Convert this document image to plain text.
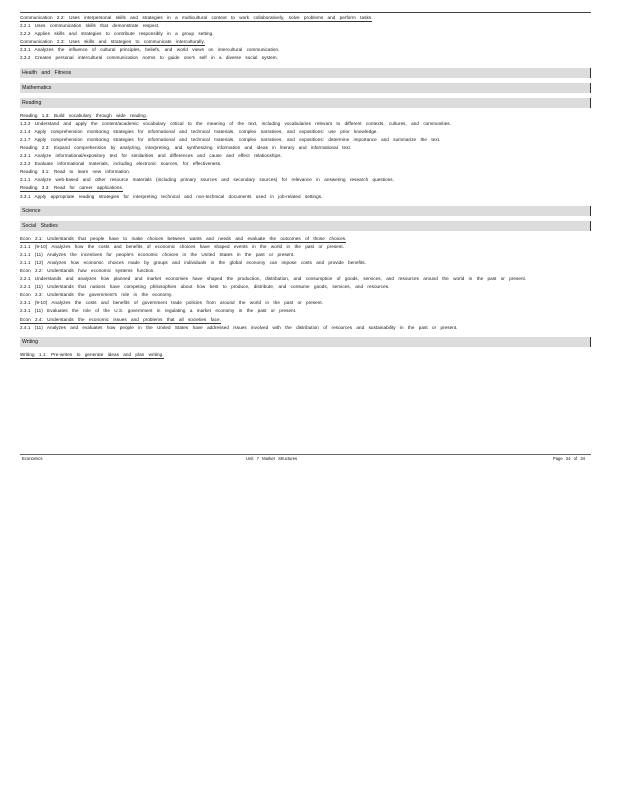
Communication 2.2: Uses interpersonal skills and strategies in a multicultural context to work collaboratively, solve problems and perform tasks.
2.2.1 Uses communication skills that demonstrate respect.
2.2.2 Applies skills and strategies to contribute responsibly in a group setting.
Communication 2.3: Uses skills and strategies to communicate interculturally.
2.3.1 Analyzes the influence of cultural principles, beliefs, and world views on intercultural communication.
2.3.2 Creates personal intercultural communication norms to guide one's self in a diverse social system.
Health and Fitness
Mathematics
Reading
Reading 1.3: Build vocabulary through wide reading.
1.3.2 Understand and apply the content/academic vocabulary critical to the meaning of the text, including vocabularies relevant to different contexts, cultures, and communities.
2.1.4 Apply comprehension monitoring strategies for informational and technical materials, complex narratives, and expositions: use prior knowledge.
2.1.7 Apply comprehension monitoring strategies for informational and technical materials, complex narratives, and expositions: determine importance and summarize the text.
Reading 2.3: Expand comprehension by analyzing, interpreting, and synthesizing information and ideas in literary and informational text.
2.3.1 Analyze informational/expository text for similarities and differences and cause and effect relationships.
2.3.2 Evaluate informational materials, including electronic sources, for effectiveness.
Reading 3.1: Read to learn new information.
3.1.1 Analyze web-based and other resource materials (including primary sources and secondary sources) for relevance in answering research questions.
Reading 3.3: Read for career applications.
3.3.1 Apply appropriate reading strategies for interpreting technical and non-technical documents used in job-related settings.
Science
Social Studies
Econ 2.1: Understands that people have to make choices between wants and needs and evaluate the outcomes of those choices.
2.1.1 (9-10) Analyzes how the costs and benefits of economic choices have shaped events in the world in the past or present.
2.1.1 (11) Analyzes the incentives for people's economic choices in the United States in the past or present.
2.1.1 (12) Analyzes how economic choices made by groups and individuals in the global economy can impose costs and provide benefits.
Econ 2.2: Understands how economic systems function.
2.2.1 Understands and analyzes how planned and market economies have shaped the production, distribution, and consumption of goods, services, and resources around the world in the past or present.
2.2.1 (11) Understands that nations have competing philosophies about how best to produce, distribute, and consume goods, services, and resources.
Econ 2.3: Understands the government's role in the economy.
2.3.1 (9-10) Analyzes the costs and benefits of government trade policies from around the world in the past or present.
2.3.1 (11) Evaluates the role of the U.S. government in regulating a market economy in the past or present.
Econ 2.4: Understands the economic issues and problems that all societies face.
2.4.1 (11) Analyzes and evaluates how people in the United States have addressed issues involved with the distribution of resources and sustainability in the past or present.
Writing
Writing 1.1: Pre-writes to generate ideas and plan writing.
Economics	Unit 7 Market Structures	Page 24 of 34
